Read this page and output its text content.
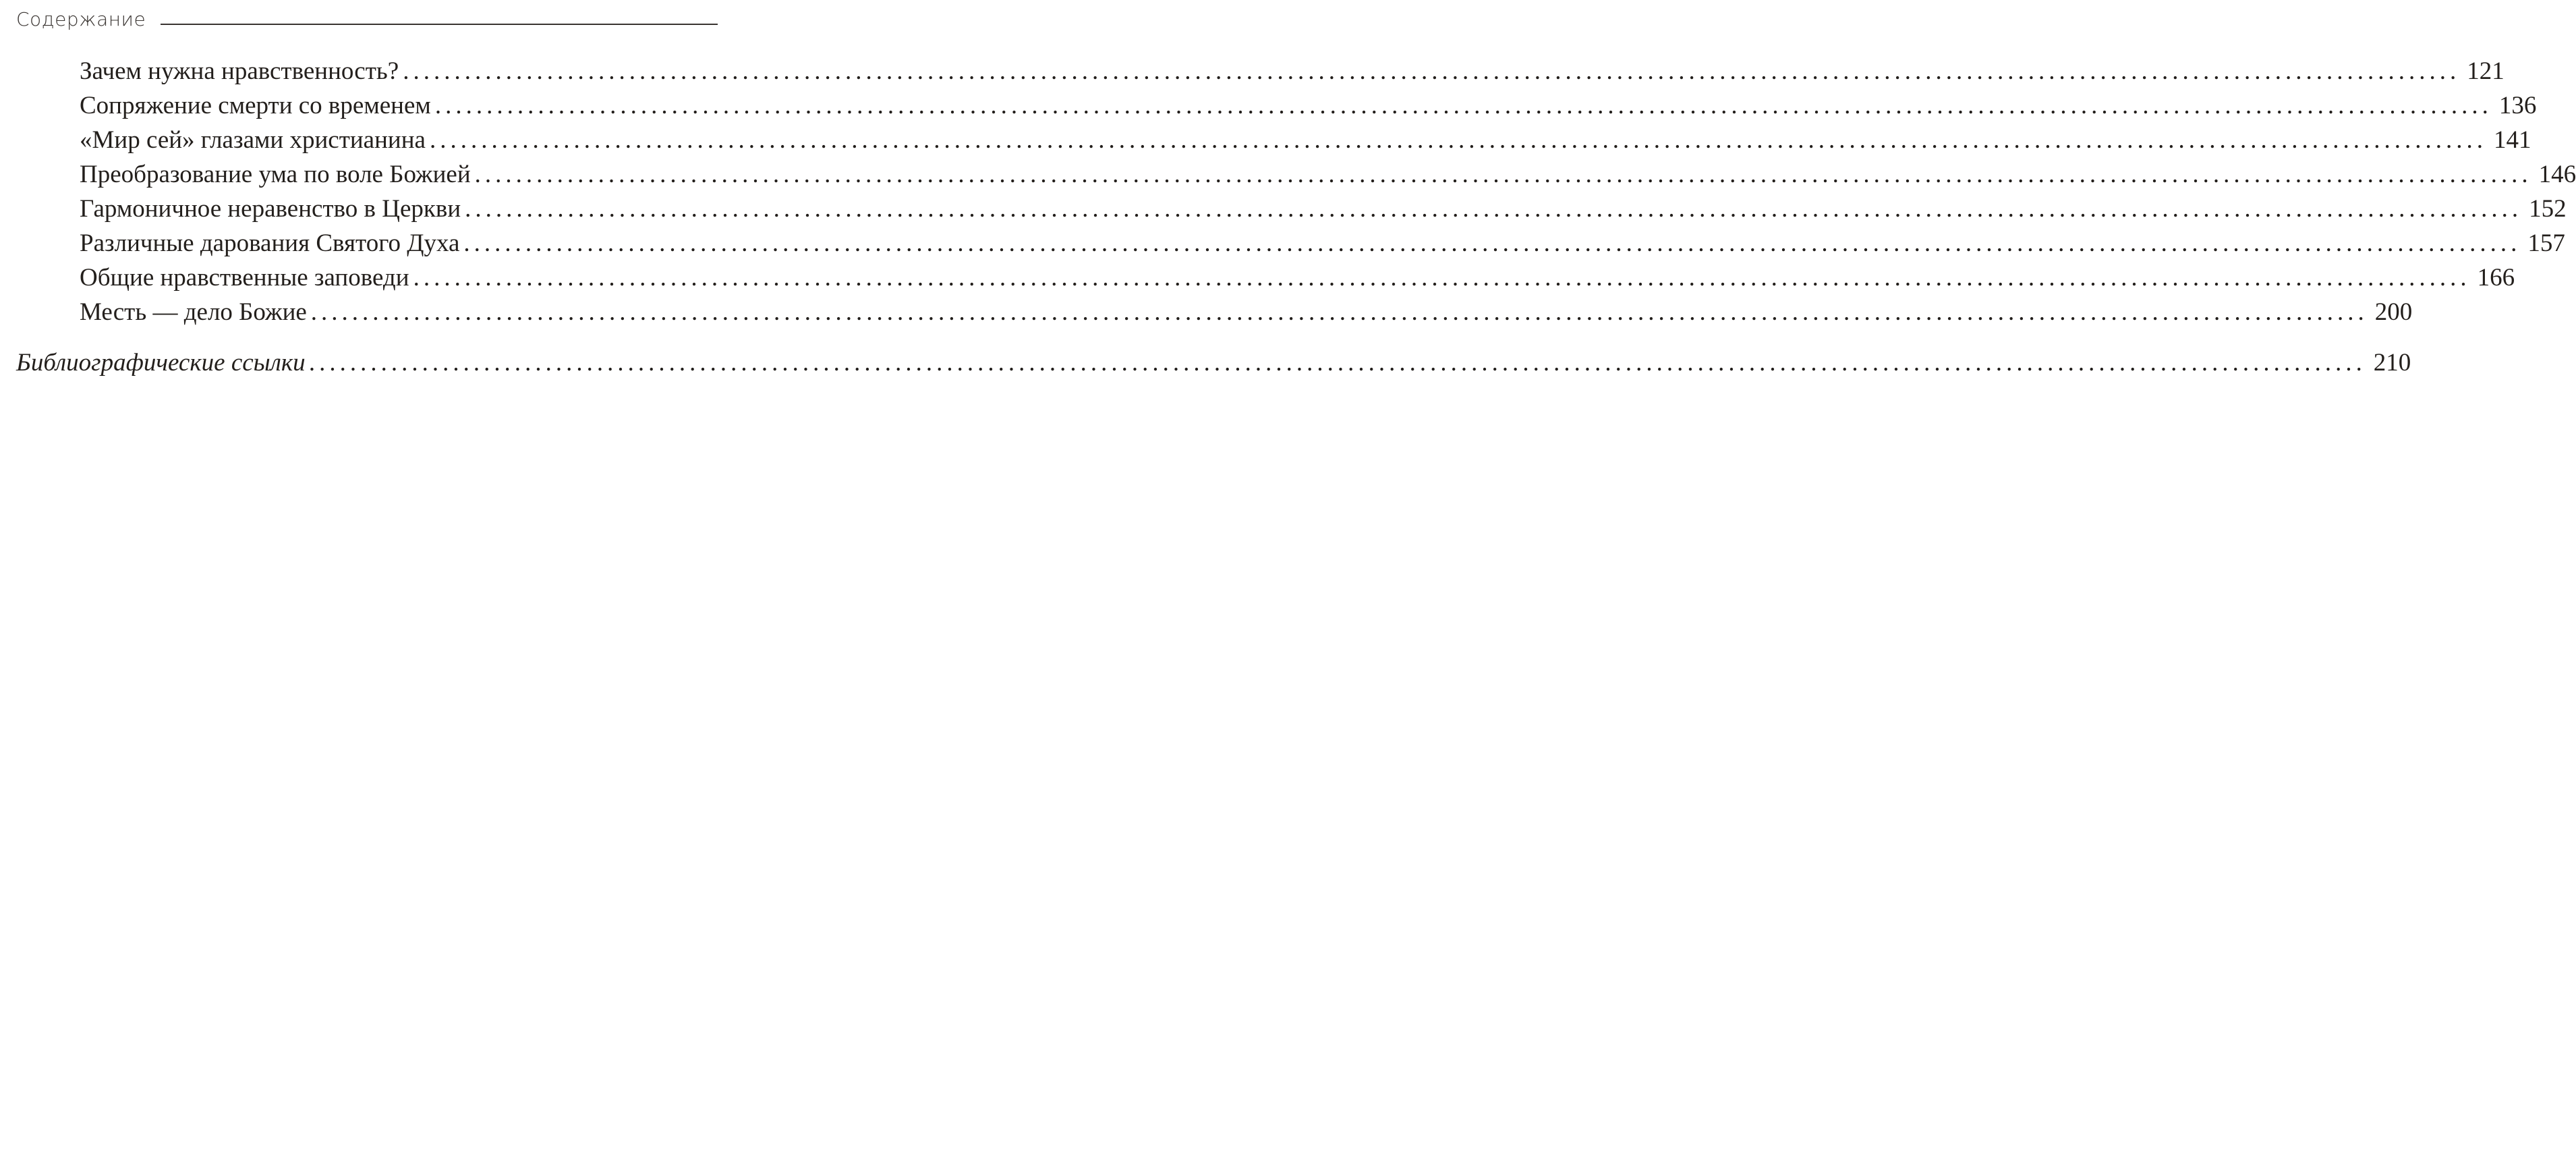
Содержание
Зачем нужна нравственность? ........................................................................................................................................................................................................ 121
Сопряжение смерти со временем ........................................................................................................................................................................................................ 136
«Мир сей» глазами христианина ........................................................................................................................................................................................................ 141
Преобразование ума по воле Божией ........................................................................................................................................................................................................ 146
Гармоничное неравенство в Церкви ........................................................................................................................................................................................................ 152
Различные дарования Святого Духа ........................................................................................................................................................................................................ 157
Общие нравственные заповеди ........................................................................................................................................................................................................ 166
Месть — дело Божие ........................................................................................................................................................................................................ 200
Библиографические ссылки ........................................................................................................................................................................................................ 210
